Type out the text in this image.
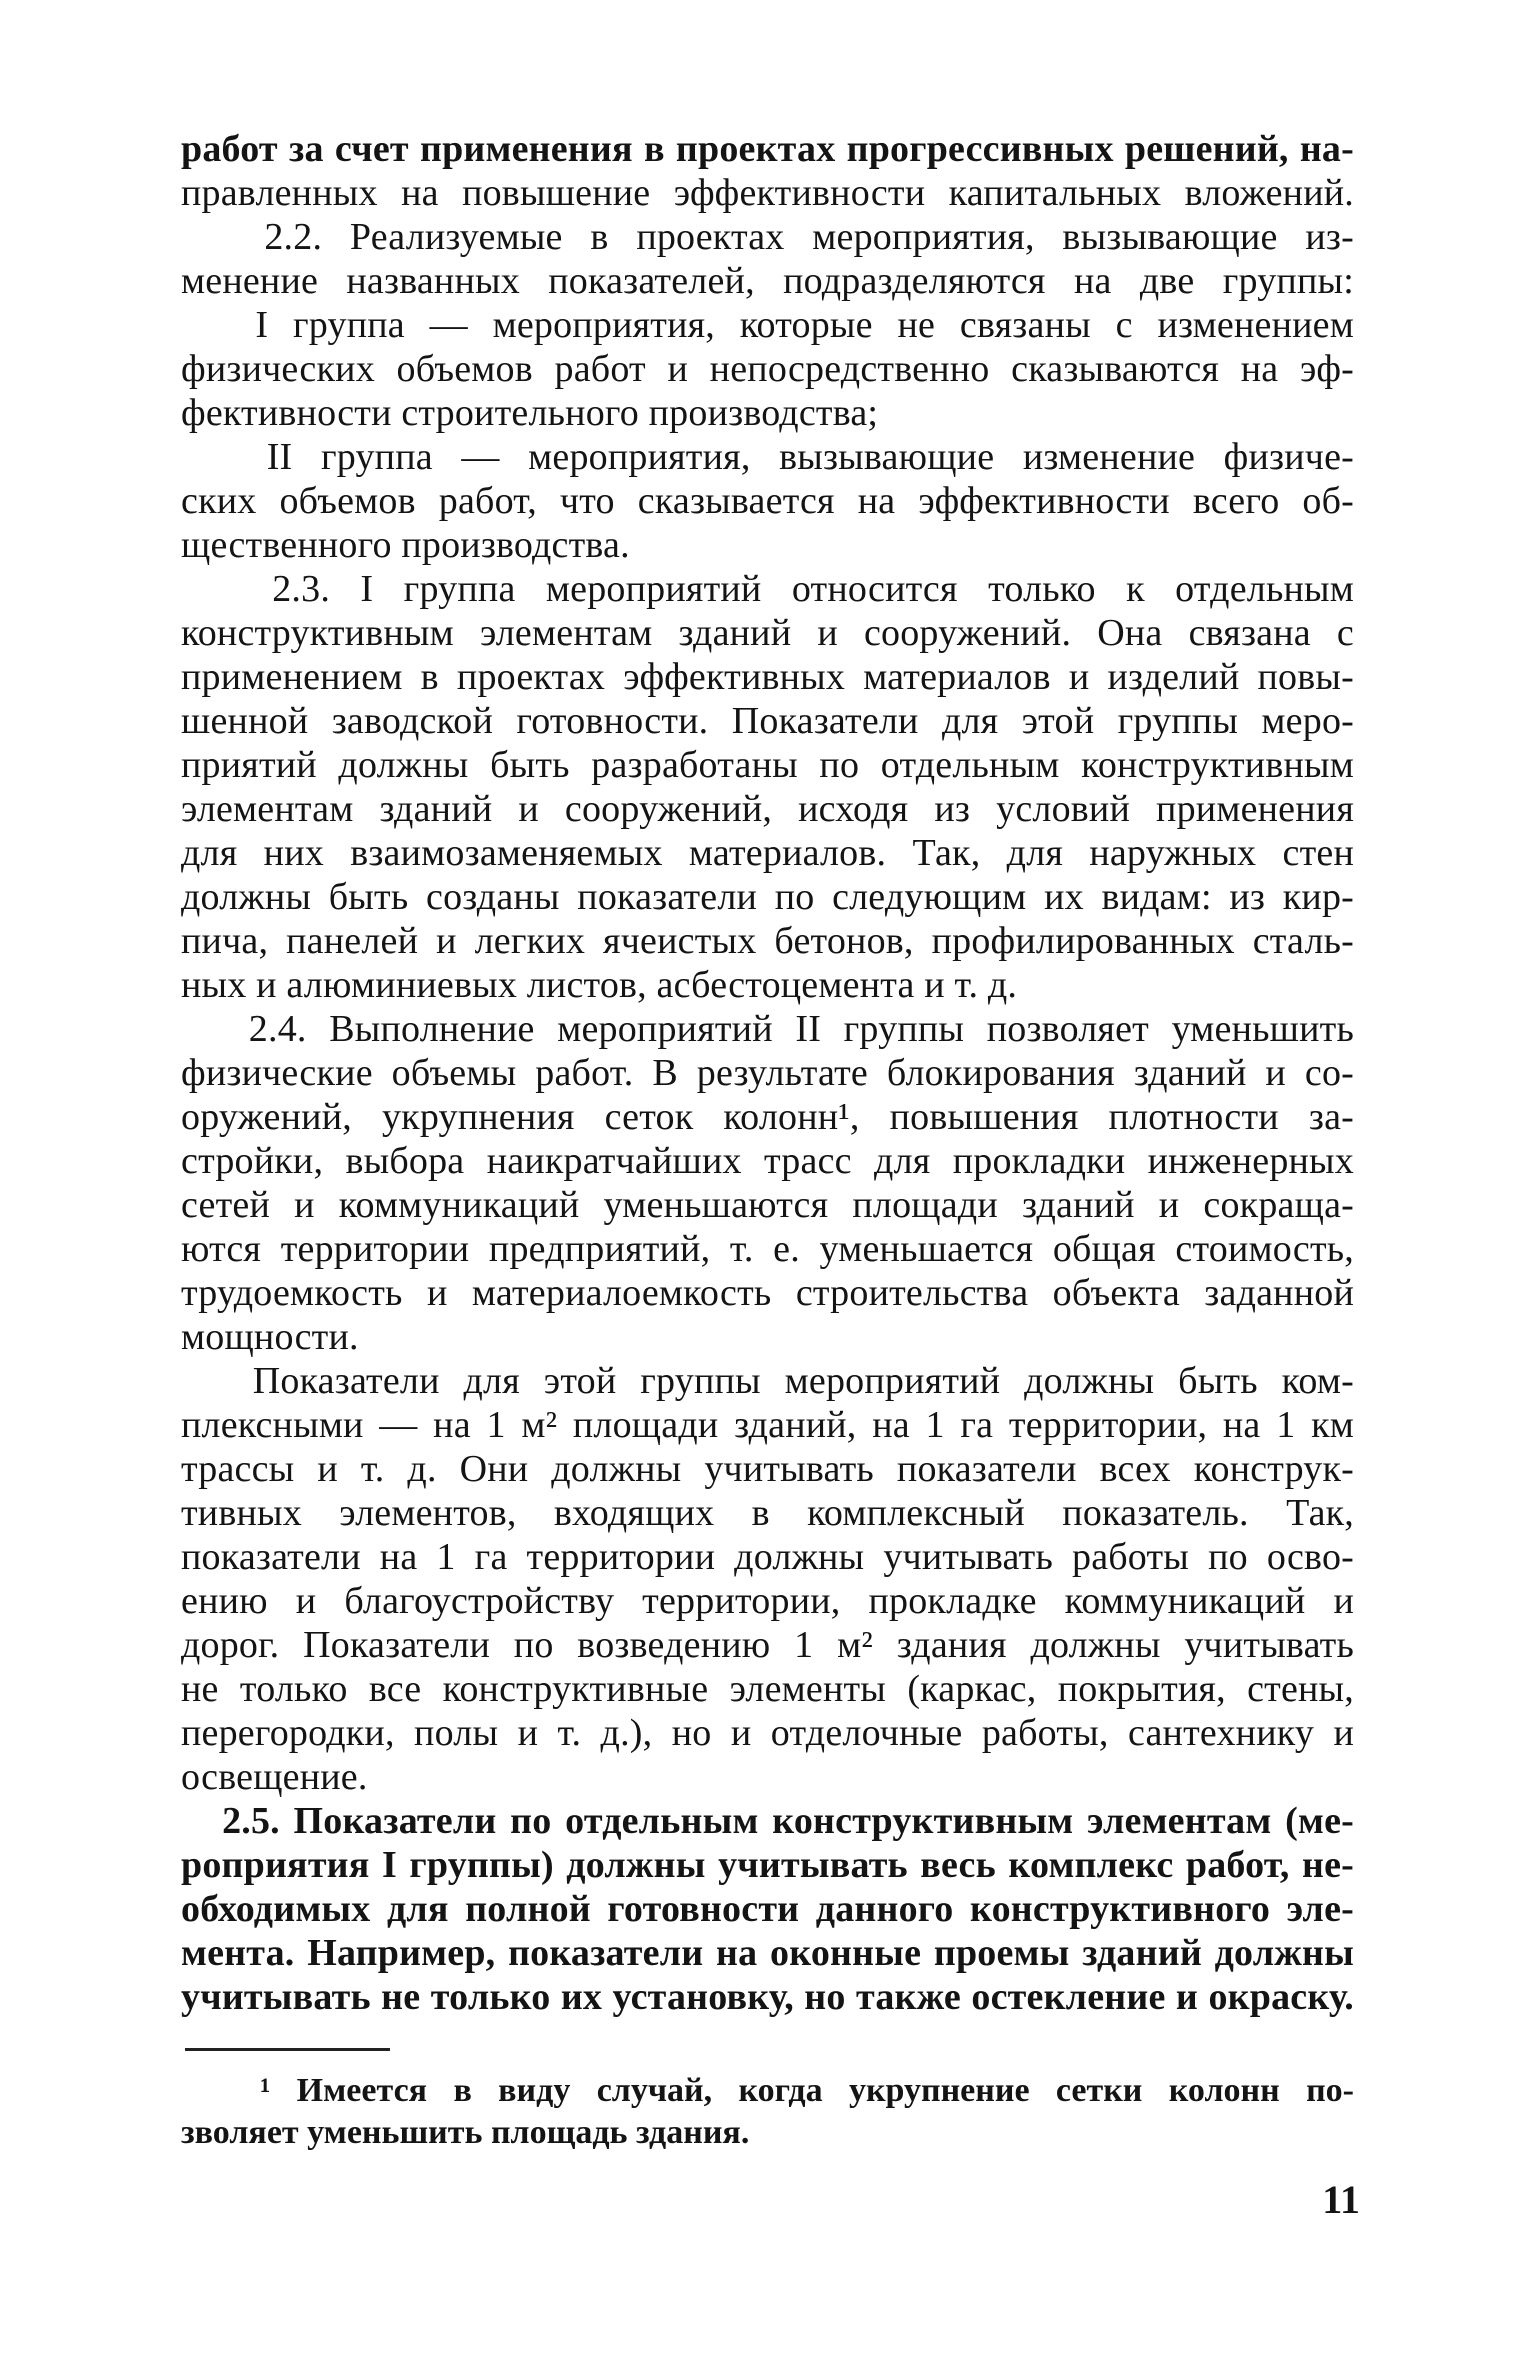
работ за счет применения в проектах прогрессивных решений, на-
правленных на повышение эффективности капитальных вложений.
2.2. Реализуемые в проектах мероприятия, вызывающие из-
менение названных показателей, подразделяются на две группы:
I группа — мероприятия, которые не связаны с изменением
физических объемов работ и непосредственно сказываются на эф-
фективности строительного производства;
II группа — мероприятия, вызывающие изменение физиче-
ских объемов работ, что сказывается на эффективности всего об-
щественного производства.
2.3. I группа мероприятий относится только к отдельным
конструктивным элементам зданий и сооружений. Она связана с
применением в проектах эффективных материалов и изделий повы-
шенной заводской готовности. Показатели для этой группы меро-
приятий должны быть разработаны по отдельным конструктивным
элементам зданий и сооружений, исходя из условий применения
для них взаимозаменяемых материалов. Так, для наружных стен
должны быть созданы показатели по следующим их видам: из кир-
пича, панелей и легких ячеистых бетонов, профилированных сталь-
ных и алюминиевых листов, асбестоцемента и т. д.
2.4. Выполнение мероприятий II группы позволяет уменьшить
физические объемы работ. В результате блокирования зданий и со-
оружений, укрупнения сеток колонн¹, повышения плотности за-
стройки, выбора наикратчайших трасс для прокладки инженерных
сетей и коммуникаций уменьшаются площади зданий и сокраща-
ются территории предприятий, т. е. уменьшается общая стоимость,
трудоемкость и материалоемкость строительства объекта заданной
мощности.
Показатели для этой группы мероприятий должны быть ком-
плексными — на 1 м² площади зданий, на 1 га территории, на 1 км
трассы и т. д. Они должны учитывать показатели всех конструк-
тивных элементов, входящих в комплексный показатель. Так,
показатели на 1 га территории должны учитывать работы по осво-
ению и благоустройству территории, прокладке коммуникаций и
дорог. Показатели по возведению 1 м² здания должны учитывать
не только все конструктивные элементы (каркас, покрытия, стены,
перегородки, полы и т. д.), но и отделочные работы, сантехнику и
освещение.
2.5. Показатели по отдельным конструктивным элементам (ме-
роприятия I группы) должны учитывать весь комплекс работ, не-
обходимых для полной готовности данного конструктивного эле-
мента. Например, показатели на оконные проемы зданий должны
учитывать не только их установку, но также остекление и окраску.
¹ Имеется в виду случай, когда укрупнение сетки колонн по-
зволяет уменьшить площадь здания.
11
